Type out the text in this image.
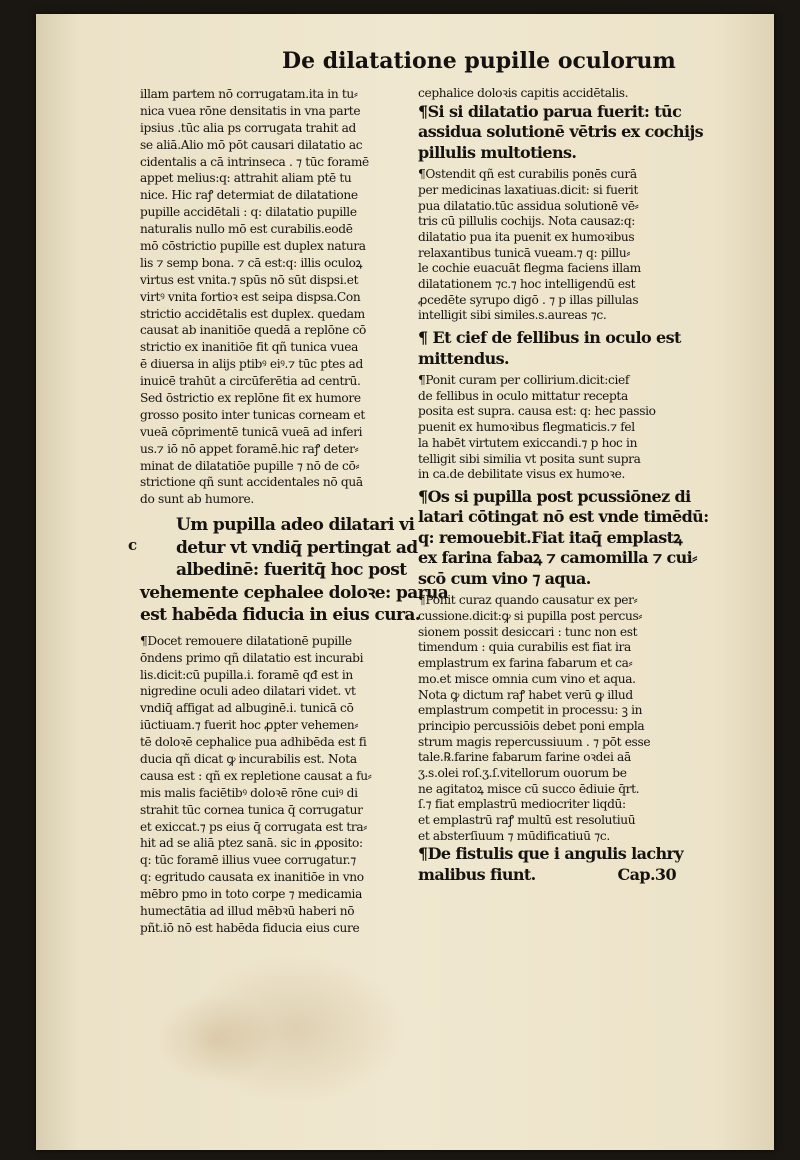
De dilatatione pupille oculorum
illam partem nō corrugatam.ita in tu⸗
nica vuea rōne densitatis in vna parte
ipsius .tūc alia ps corrugata trahit ad
se aliā.Alio mō pōt causari dilatatio ac
cidentalis a cā intrinseca . ⁊ tūc foramē
appet melius:q: attrahit aliam ptē tu
nice. Hic raꝭ determiat de dilatatione
pupille accidētali : q: dilatatio pupille
naturalis nullo mō est curabilis.eodē
mō cōstrictio pupille est duplex natura
lis ⁊ semp bona. ⁊ cā est:q: illis oculoꝝ
virtus est vnita.⁊ spūs nō sūt dispsi.et
virtꝰ vnita fortioꝛ est seipa dispsa.Con
strictio accidētalis est duplex. quedam
causat ab inanitiōe quedā a replōne cō
strictio ex inanitiōe fit qñ tunica vuea
ē diuersa in alijs ptibꝰ eiꝰ.⁊ tūc ptes ad
inuicē trahūt a circūferētia ad centrū.
Sed ōstrictio ex replōne fit ex humore
grosso posito inter tunicas corneam et
vueā cōprimentē tunicā vueā ad inferi
us.⁊ iō nō appet foramē.hic raꝭ deter⸗
minat de dilatatiōe pupille ⁊ nō de cō⸗
strictione qñ sunt accidentales nō quā
do sunt ab humore.
Um pupilla adeo dilatari vi
detur vt vndiq̄ pertingat ad
albedinē: fueritq̄ hoc post
vehemente cephalee doloꝛe: parua
est habēda fiducia in eius cura.
¶Docet remouere dilatationē pupille
ōndens primo qñ dilatatio est incurabi
lis.dicit:cū pupilla.i. foramē qđ est in
nigredine oculi adeo dilatari videt. vt
vndiq̄ affigat ad albuginē.i. tunicā cō
iūctiuam.⁊ fuerit hoc ꝓpter vehemen⸗
tē doloꝛē cephalice pua adhibēda est fi
ducia qñ dicat ꝙ incurabilis est. Nota
causa est : qñ ex repletione causat a fu⸗
mis malis faciētibꝰ doloꝛē rōne cuiꝰ di
strahit tūc cornea tunica q̄ corrugatur
et exiccat.⁊ ps eius q̄ corrugata est tra⸗
hit ad se aliā ptez sanā. sic in ꝓposito:
q: tūc foramē illius vuee corrugatur.⁊
q: egritudo causata ex inanitiōe in vno
mēbro pmo in toto corpe ⁊ medicamia
humectātia ad illud mēbꝛū haberi nō
pñt.iō nō est habēda fiducia eius cure
c
cephalice doloꝛis capitis accidētalis.
¶Si si dilatatio parua fuerit: tūc
assidua solutionē vētris ex cochijs
pillulis multotiens.
¶Ostendit qñ est curabilis ponēs curā
per medicinas laxatiuas.dicit: si fuerit
pua dilatatio.tūc assidua solutionē vē⸗
tris cū pillulis cochijs. Nota causaz:q:
dilatatio pua ita puenit ex humoꝛibus
relaxantibus tunicā vueam.⁊ q: pillu⸗
le cochie euacuāt flegma faciens illam
dilatationem ⁊c.⁊ hoc intelligendū est
ꝓcedēte syrupo digō . ⁊ p illas pillulas
intelligit sibi similes.s.aureas ⁊c.
¶ Et cief de fellibus in oculo est
mittendus.
¶Ponit curam per collirium.dicit:cief
de fellibus in oculo mittatur recepta
posita est supra. causa est: q: hec passio
puenit ex humoꝛibus flegmaticis.⁊ fel
la habēt virtutem exiccandi.⁊ p hoc in
telligit sibi similia vt posita sunt supra
in ca.de debilitate visus ex humoꝛe.
¶Os si pupilla post pcussiōnez di
latari cōtingat nō est vnde timēdū:
q: remouebit.Fiat itaq̄ emplastꝝ
ex farina fabaꝝ ⁊ camomilla ⁊ cui⸗
scō cum vino ⁊ aqua.
¶Ponit curaz quando causatur ex per⸗
cussione.dicit:ꝙ si pupilla post percus⸗
sionem possit desiccari : tunc non est
timendum : quia curabilis est fiat ira
emplastrum ex farina fabarum et ca⸗
mo.et misce omnia cum vino et aqua.
Nota ꝙ dictum raꝭ habet verū ꝙ illud
emplastrum competit in processu: ꝫ in
principio percussiōis debet poni empla
strum magis repercussiuum . ⁊ pōt esse
tale.℞.farine fabarum farine oꝛdei aā
ʒ.s.olei roſ.ʒ.ſ.vitellorum ouorum be
ne agitatoꝝ misce cū succo ēdiuie q̄rt.
ſ.⁊ fiat emplastrū mediocriter liqdū:
et emplastrū raꝭ multū est resolutiuū
et absterſiuum ⁊ mūdificatiuū ⁊c.
¶De fistulis que i angulis lachry
malibus fiunt.	Cap.30
